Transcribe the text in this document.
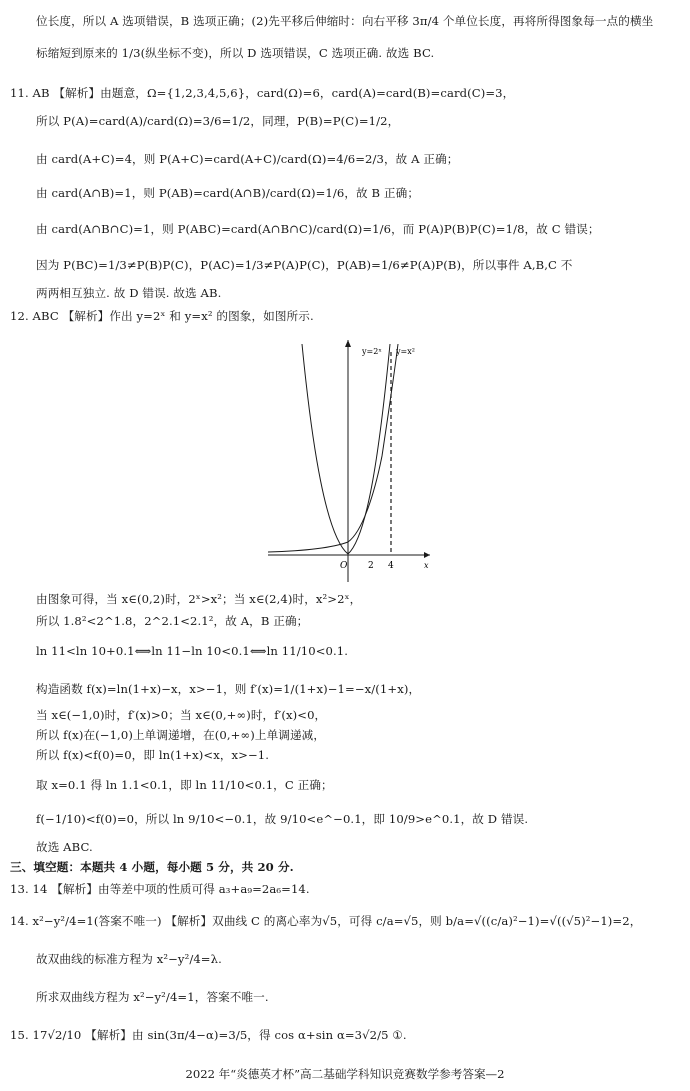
位长度，所以 A 选项错误，B 选项正确；(2)先平移后伸缩时：向右平移 3π/4 个单位长度，再将所得图象每一点的横坐
标缩短到原来的 1/3(纵坐标不变)，所以 D 选项错误，C 选项正确. 故选 BC.
11. AB 【解析】由题意，Ω={1,2,3,4,5,6}，card(Ω)=6，card(A)=card(B)=card(C)=3，
所以 P(A)=card(A)/card(Ω)=3/6=1/2，同理，P(B)=P(C)=1/2，
由 card(A+C)=4，则 P(A+C)=card(A+C)/card(Ω)=4/6=2/3，故 A 正确；
由 card(A∩B)=1，则 P(AB)=card(A∩B)/card(Ω)=1/6，故 B 正确；
由 card(A∩B∩C)=1，则 P(ABC)=card(A∩B∩C)/card(Ω)=1/6，而 P(A)P(B)P(C)=1/8，故 C 错误；
因为 P(BC)=1/3≠P(B)P(C)，P(AC)=1/3≠P(A)P(C)，P(AB)=1/6≠P(A)P(B)，所以事件 A,B,C 不
两两相互独立. 故 D 错误. 故选 AB.
12. ABC 【解析】作出 y=2ˣ 和 y=x² 的图象，如图所示.
y=2ˣ y=x²
O 2 4	x
由图象可得，当 x∈(0,2)时，2ˣ>x²；当 x∈(2,4)时，x²>2ˣ，
所以 1.8²<2^1.8，2^2.1<2.1²，故 A，B 正确；
ln 11<ln 10+0.1⟺ln 11−ln 10<0.1⟺ln 11/10<0.1.
构造函数 f(x)=ln(1+x)−x，x>−1，则 f′(x)=1/(1+x)−1=−x/(1+x)，
当 x∈(−1,0)时，f′(x)>0；当 x∈(0,+∞)时，f′(x)<0，
所以 f(x)在(−1,0)上单调递增，在(0,+∞)上单调递减，
所以 f(x)<f(0)=0，即 ln(1+x)<x，x>−1.
取 x=0.1 得 ln 1.1<0.1，即 ln 11/10<0.1，C 正确；
f(−1/10)<f(0)=0，所以 ln 9/10<−0.1，故 9/10<e^−0.1，即 10/9>e^0.1，故 D 错误.
故选 ABC.
三、填空题：本题共 4 小题，每小题 5 分，共 20 分.
13. 14 【解析】由等差中项的性质可得 a₃+a₉=2a₆=14.
14. x²−y²/4=1(答案不唯一) 【解析】双曲线 C 的离心率为√5，可得 c/a=√5，则 b/a=√((c/a)²−1)=√((√5)²−1)=2，
故双曲线的标准方程为 x²−y²/4=λ.
所求双曲线方程为 x²−y²/4=1，答案不唯一.
15. 17√2/10 【解析】由 sin(3π/4−α)=3/5，得 cos α+sin α=3√2/5 ①.
2022 年“炎德英才杯”高二基础学科知识竞赛数学参考答案—2
